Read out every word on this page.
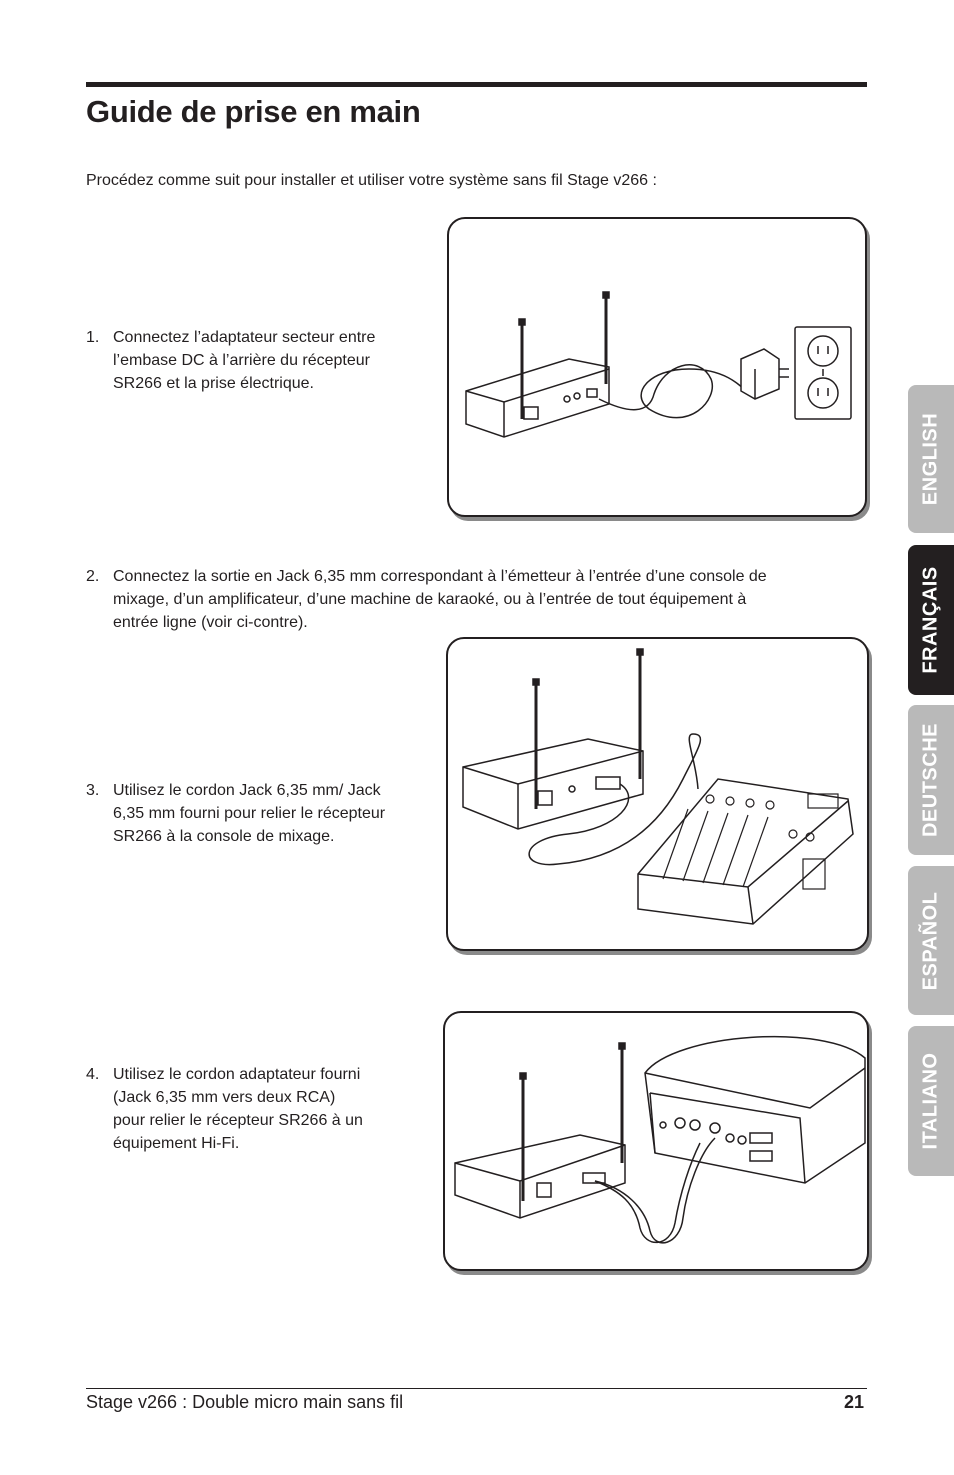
Guide de prise en main

Procédez comme suit pour installer et utiliser votre système sans fil Stage v266 :

1. Connectez l’adaptateur secteur entre
l’embase DC à l’arrière du récepteur
SR266 et la prise électrique.
2. Connectez la sortie en Jack 6,35 mm correspondant à l’émetteur à l’entrée d’une console de
mixage, d’un amplificateur, d’une machine de karaoké, ou à l’entrée de tout équipement à
entrée ligne (voir ci-contre).
3. Utilisez le cordon Jack 6,35 mm/ Jack
6,35 mm fourni pour relier le récepteur
SR266 à la console de mixage.
4. Utilisez le cordon adaptateur fourni
(Jack 6,35 mm vers deux RCA)
pour relier le récepteur SR266 à un
équipement Hi-Fi.
ENGLISH
FRANÇAIS
DEUTSCHE
ESPAÑOL
ITALIANO
Stage v266 : Double micro main sans fil	21
